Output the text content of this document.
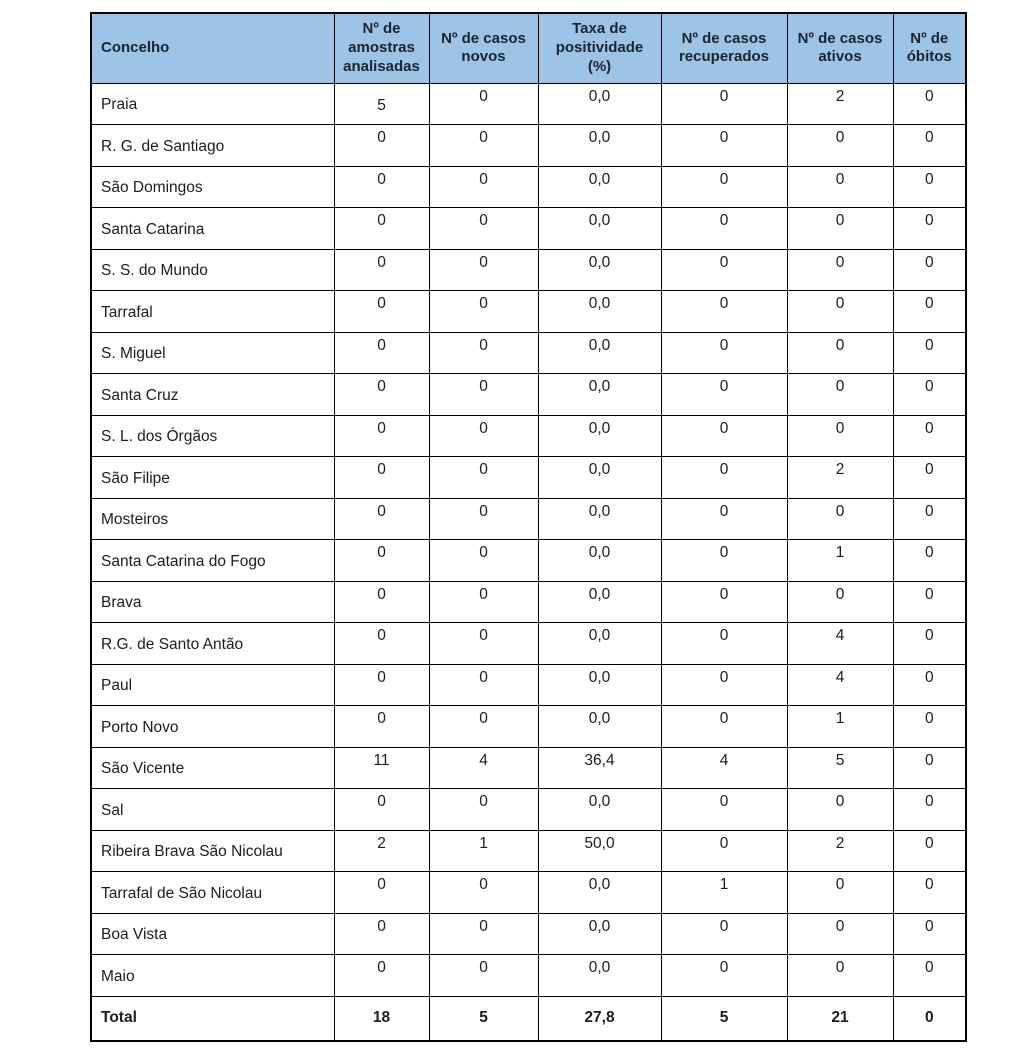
Concelho	Nº de amostras analisadas	Nº de casos novos	Taxa de positividade (%)	Nº de casos recuperados	Nº de casos ativos	Nº de óbitos
Praia	5	0	0,0	0	2	0
R. G. de Santiago	0	0	0,0	0	0	0
São Domingos	0	0	0,0	0	0	0
Santa Catarina	0	0	0,0	0	0	0
S. S. do Mundo	0	0	0,0	0	0	0
Tarrafal	0	0	0,0	0	0	0
S. Miguel	0	0	0,0	0	0	0
Santa Cruz	0	0	0,0	0	0	0
S. L. dos Órgãos	0	0	0,0	0	0	0
São Filipe	0	0	0,0	0	2	0
Mosteiros	0	0	0,0	0	0	0
Santa Catarina do Fogo	0	0	0,0	0	1	0
Brava	0	0	0,0	0	0	0
R.G. de Santo Antão	0	0	0,0	0	4	0
Paul	0	0	0,0	0	4	0
Porto Novo	0	0	0,0	0	1	0
São Vicente	11	4	36,4	4	5	0
Sal	0	0	0,0	0	0	0
Ribeira Brava São Nicolau	2	1	50,0	0	2	0
Tarrafal de São Nicolau	0	0	0,0	1	0	0
Boa Vista	0	0	0,0	0	0	0
Maio	0	0	0,0	0	0	0
Total	18	5	27,8	5	21	0
